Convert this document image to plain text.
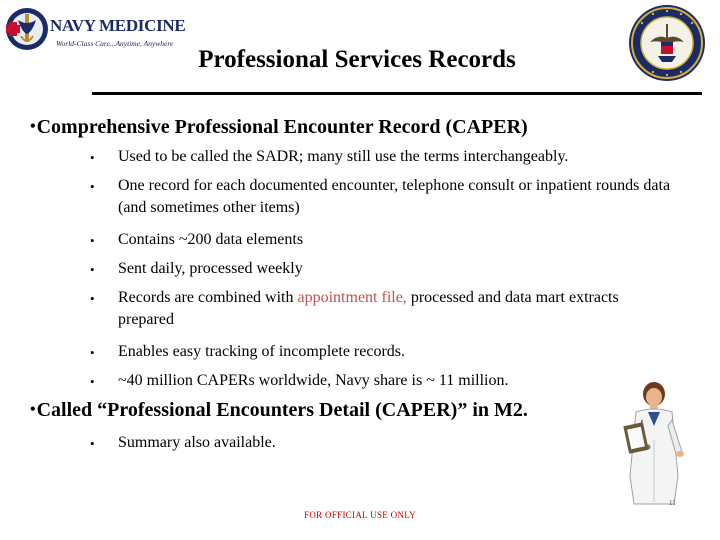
NAVY MEDICINE
World-Class Care...Anytime, Anywhere
Professional Services Records
•Comprehensive Professional Encounter Record (CAPER)
• Used to be called the SADR; many still use the terms interchangeably.
• One record for each documented encounter, telephone consult or inpatient rounds data (and sometimes other items)
• Contains ~200 data elements
• Sent daily, processed weekly
• Records are combined with appointment file, processed and data mart extracts prepared
• Enables easy tracking of incomplete records.
• ~40 million CAPERs worldwide, Navy share is ~ 11 million.
•Called “Professional Encounters Detail (CAPER)” in M2.
• Summary also available.
FOR OFFICIAL USE ONLY
11
